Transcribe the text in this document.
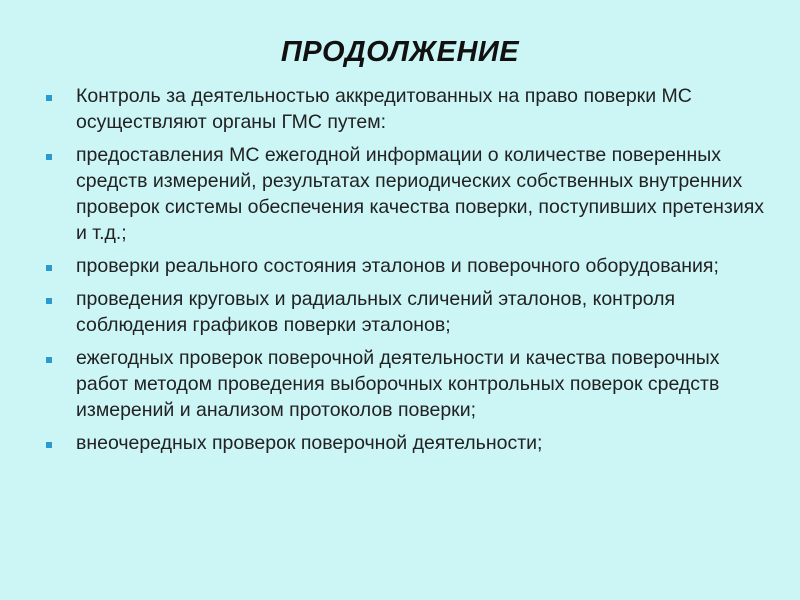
ПРОДОЛЖЕНИЕ
Контроль за деятельностью аккредитованных на право поверки МС осуществляют органы ГМС путем:
предоставления МС ежегодной информации о количестве поверенных средств измерений, результатах периодических собственных внутренних проверок системы обеспечения качества поверки, поступивших претензиях и т.д.;
проверки реального состояния эталонов и поверочного оборудования;
проведения круговых и радиальных сличений эталонов, контроля соблюдения графиков поверки эталонов;
ежегодных проверок поверочной деятельности и качества поверочных работ методом проведения выборочных контрольных поверок средств измерений и анализом протоколов поверки;
внеочередных проверок поверочной деятельности;
